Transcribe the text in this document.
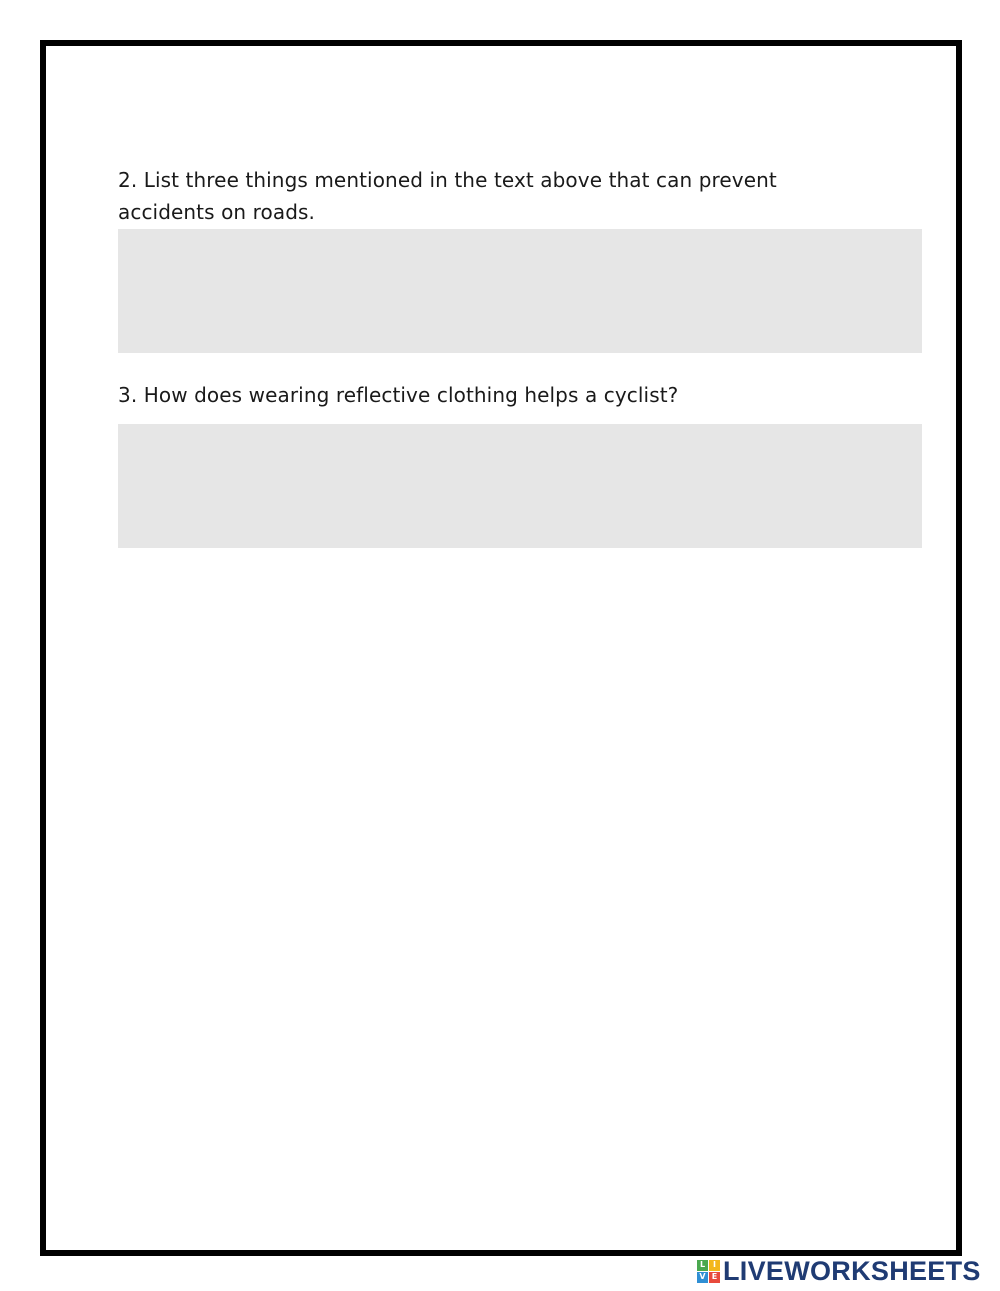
2. List three things mentioned in the text above that can prevent accidents on roads.

3. How does wearing reflective clothing helps a cyclist?

L I
V E LIVEWORKSHEETS
